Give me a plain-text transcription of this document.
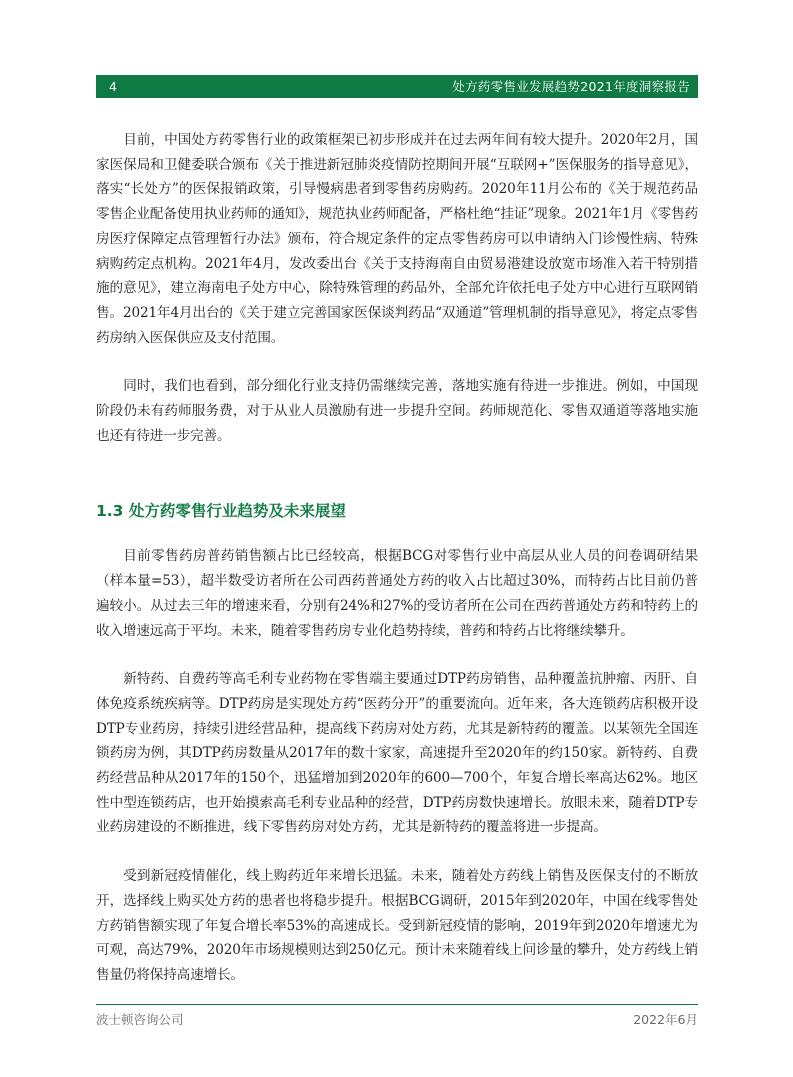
4	处方药零售业发展趋势2021年度洞察报告

目前，中国处方药零售行业的政策框架已初步形成并在过去两年间有较大提升。2020年2月，国家医保局和卫健委联合颁布《关于推进新冠肺炎疫情防控期间开展“互联网+”医保服务的指导意见》，落实“长处方”的医保报销政策，引导慢病患者到零售药房购药。2020年11月公布的《关于规范药品零售企业配备使用执业药师的通知》，规范执业药师配备，严格杜绝“挂证”现象。2021年1月《零售药房医疗保障定点管理暂行办法》颁布，符合规定条件的定点零售药房可以申请纳入门诊慢性病、特殊病购药定点机构。2021年4月，发改委出台《关于支持海南自由贸易港建设放宽市场准入若干特别措施的意见》，建立海南电子处方中心，除特殊管理的药品外，全部允许依托电子处方中心进行互联网销售。2021年4月出台的《关于建立完善国家医保谈判药品“双通道”管理机制的指导意见》，将定点零售药房纳入医保供应及支付范围。

同时，我们也看到，部分细化行业支持仍需继续完善，落地实施有待进一步推进。例如，中国现阶段仍未有药师服务费，对于从业人员激励有进一步提升空间。药师规范化、零售双通道等落地实施也还有待进一步完善。

1.3 处方药零售行业趋势及未来展望

目前零售药房普药销售额占比已经较高，根据BCG对零售行业中高层从业人员的问卷调研结果（样本量=53），超半数受访者所在公司西药普通处方药的收入占比超过30%，而特药占比目前仍普遍较小。从过去三年的增速来看，分别有24%和27%的受访者所在公司在西药普通处方药和特药上的收入增速远高于平均。未来，随着零售药房专业化趋势持续，普药和特药占比将继续攀升。

新特药、自费药等高毛利专业药物在零售端主要通过DTP药房销售，品种覆盖抗肿瘤、丙肝、自体免疫系统疾病等。DTP药房是实现处方药“医药分开”的重要流向。近年来，各大连锁药店积极开设DTP专业药房，持续引进经营品种，提高线下药房对处方药，尤其是新特药的覆盖。以某领先全国连锁药房为例，其DTP药房数量从2017年的数十家家，高速提升至2020年的约150家。新特药、自费药经营品种从2017年的150个，迅猛增加到2020年的600—700个，年复合增长率高达62%。地区性中型连锁药店，也开始摸索高毛利专业品种的经营，DTP药房数快速增长。放眼未来，随着DTP专业药房建设的不断推进，线下零售药房对处方药，尤其是新特药的覆盖将进一步提高。

受到新冠疫情催化，线上购药近年来增长迅猛。未来，随着处方药线上销售及医保支付的不断放开，选择线上购买处方药的患者也将稳步提升。根据BCG调研，2015年到2020年，中国在线零售处方药销售额实现了年复合增长率53%的高速成长。受到新冠疫情的影响，2019年到2020年增速尤为可观，高达79%，2020年市场规模则达到250亿元。预计未来随着线上问诊量的攀升，处方药线上销售量仍将保持高速增长。

波士顿咨询公司	2022年6月
